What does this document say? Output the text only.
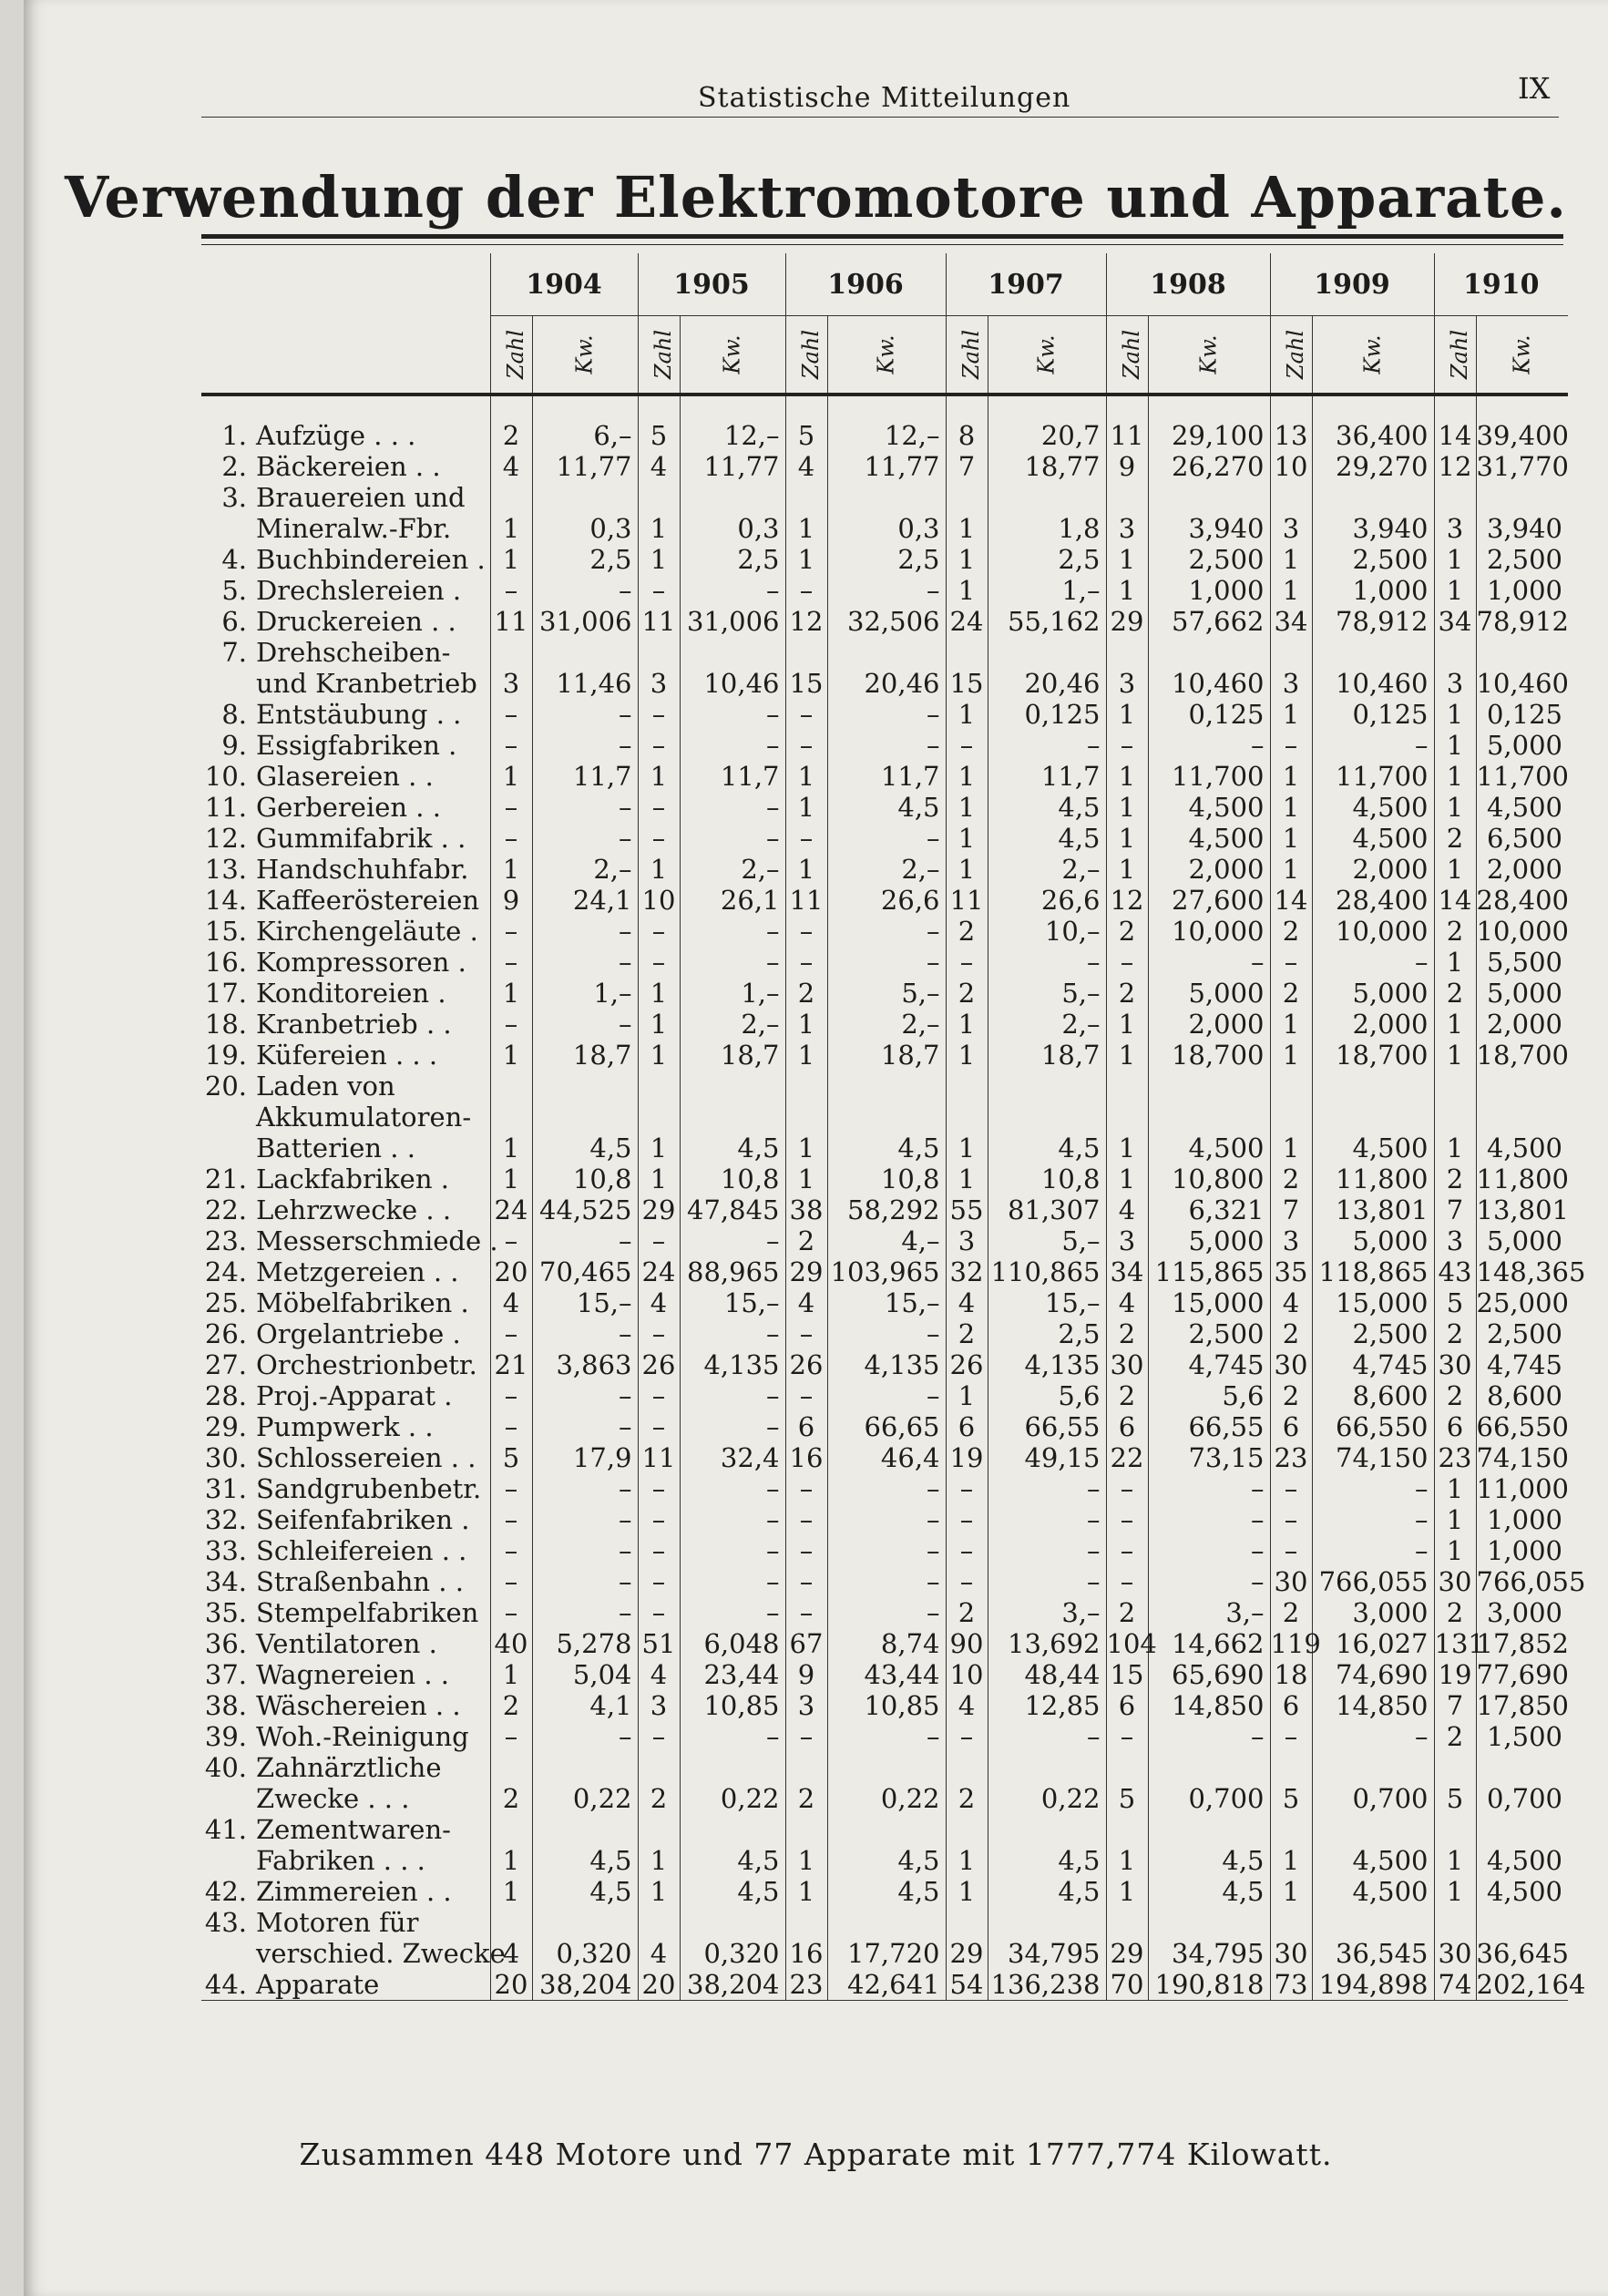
Statistische Mitteilungen	IX
Verwendung der Elektromotore und Apparate.
		1904		1905		1906		1907		1908		1909		1910	
		Zahl	Kw.	Zahl	Kw.	Zahl	Kw.	Zahl	Kw.	Zahl	Kw.	Zahl	Kw.	Zahl	Kw.
1.	Aufzüge . . .	2	6,–	5	12,–	5	12,–	8	20,7	11	29,100	13	36,400	14	39,400
2.	Bäckereien . .	4	11,77	4	11,77	4	11,77	7	18,77	9	26,270	10	29,270	12	31,770
3.	Brauereien und														
	Mineralw.-Fbr.	1	0,3	1	0,3	1	0,3	1	1,8	3	3,940	3	3,940	3	3,940
4.	Buchbindereien .	1	2,5	1	2,5	1	2,5	1	2,5	1	2,500	1	2,500	1	2,500
5.	Drechslereien .	–	–	–	–	–	–	1	1,–	1	1,000	1	1,000	1	1,000
6.	Druckereien . .	11	31,006	11	31,006	12	32,506	24	55,162	29	57,662	34	78,912	34	78,912
7.	Drehscheiben-														
	und Kranbetrieb	3	11,46	3	10,46	15	20,46	15	20,46	3	10,460	3	10,460	3	10,460
8.	Entstäubung . .	–	–	–	–	–	–	1	0,125	1	0,125	1	0,125	1	0,125
9.	Essigfabriken .	–	–	–	–	–	–	–	–	–	–	–	–	1	5,000
10.	Glasereien . .	1	11,7	1	11,7	1	11,7	1	11,7	1	11,700	1	11,700	1	11,700
11.	Gerbereien . .	–	–	–	–	1	4,5	1	4,5	1	4,500	1	4,500	1	4,500
12.	Gummifabrik . .	–	–	–	–	–	–	1	4,5	1	4,500	1	4,500	2	6,500
13.	Handschuhfabr.	1	2,–	1	2,–	1	2,–	1	2,–	1	2,000	1	2,000	1	2,000
14.	Kaffeeröstereien	9	24,1	10	26,1	11	26,6	11	26,6	12	27,600	14	28,400	14	28,400
15.	Kirchengeläute .	–	–	–	–	–	–	2	10,–	2	10,000	2	10,000	2	10,000
16.	Kompressoren .	–	–	–	–	–	–	–	–	–	–	–	–	1	5,500
17.	Konditoreien .	1	1,–	1	1,–	2	5,–	2	5,–	2	5,000	2	5,000	2	5,000
18.	Kranbetrieb . .	–	–	1	2,–	1	2,–	1	2,–	1	2,000	1	2,000	1	2,000
19.	Küfereien . . .	1	18,7	1	18,7	1	18,7	1	18,7	1	18,700	1	18,700	1	18,700
20.	Laden von														
	Akkumulatoren-														
	Batterien . .	1	4,5	1	4,5	1	4,5	1	4,5	1	4,500	1	4,500	1	4,500
21.	Lackfabriken .	1	10,8	1	10,8	1	10,8	1	10,8	1	10,800	2	11,800	2	11,800
22.	Lehrzwecke . .	24	44,525	29	47,845	38	58,292	55	81,307	4	6,321	7	13,801	7	13,801
23.	Messerschmiede .	–	–	–	–	2	4,–	3	5,–	3	5,000	3	5,000	3	5,000
24.	Metzgereien . .	20	70,465	24	88,965	29	103,965	32	110,865	34	115,865	35	118,865	43	148,365
25.	Möbelfabriken .	4	15,–	4	15,–	4	15,–	4	15,–	4	15,000	4	15,000	5	25,000
26.	Orgelantriebe .	–	–	–	–	–	–	2	2,5	2	2,500	2	2,500	2	2,500
27.	Orchestrionbetr.	21	3,863	26	4,135	26	4,135	26	4,135	30	4,745	30	4,745	30	4,745
28.	Proj.-Apparat .	–	–	–	–	–	–	1	5,6	2	5,6	2	8,600	2	8,600
29.	Pumpwerk . .	–	–	–	–	6	66,65	6	66,55	6	66,55	6	66,550	6	66,550
30.	Schlossereien . .	5	17,9	11	32,4	16	46,4	19	49,15	22	73,15	23	74,150	23	74,150
31.	Sandgrubenbetr.	–	–	–	–	–	–	–	–	–	–	–	–	1	11,000
32.	Seifenfabriken .	–	–	–	–	–	–	–	–	–	–	–	–	1	1,000
33.	Schleifereien . .	–	–	–	–	–	–	–	–	–	–	–	–	1	1,000
34.	Straßenbahn . .	–	–	–	–	–	–	–	–	–	–	30	766,055	30	766,055
35.	Stempelfabriken	–	–	–	–	–	–	2	3,–	2	3,–	2	3,000	2	3,000
36.	Ventilatoren .	40	5,278	51	6,048	67	8,74	90	13,692	104	14,662	119	16,027	131	17,852
37.	Wagnereien . .	1	5,04	4	23,44	9	43,44	10	48,44	15	65,690	18	74,690	19	77,690
38.	Wäschereien . .	2	4,1	3	10,85	3	10,85	4	12,85	6	14,850	6	14,850	7	17,850
39.	Woh.-Reinigung	–	–	–	–	–	–	–	–	–	–	–	–	2	1,500
40.	Zahnärztliche														
	Zwecke . . .	2	0,22	2	0,22	2	0,22	2	0,22	5	0,700	5	0,700	5	0,700
41.	Zementwaren-														
	Fabriken . . .	1	4,5	1	4,5	1	4,5	1	4,5	1	4,5	1	4,500	1	4,500
42.	Zimmereien . .	1	4,5	1	4,5	1	4,5	1	4,5	1	4,5	1	4,500	1	4,500
43.	Motoren für														
	verschied. Zwecke	4	0,320	4	0,320	16	17,720	29	34,795	29	34,795	30	36,545	30	36,645
44.	Apparate	20	38,204	20	38,204	23	42,641	54	136,238	70	190,818	73	194,898	74	202,164
Zusammen 448 Motore und 77 Apparate mit 1777,774 Kilowatt.
